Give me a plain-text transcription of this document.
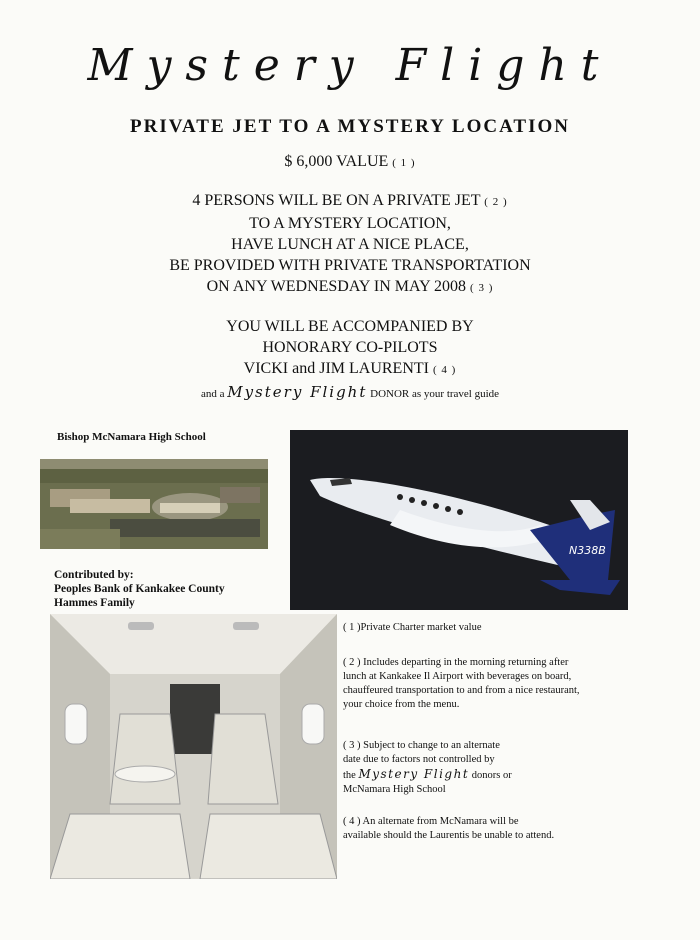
Mystery Flight
PRIVATE JET TO A MYSTERY LOCATION
$ 6,000 VALUE ( 1 )
4 PERSONS WILL BE ON A PRIVATE JET ( 2 )
TO A MYSTERY LOCATION,
HAVE LUNCH AT A NICE PLACE,
BE PROVIDED WITH PRIVATE TRANSPORTATION
ON ANY WEDNESDAY IN MAY 2008 ( 3 )
YOU WILL BE ACCOMPANIED BY
HONORARY CO-PILOTS
VICKI and JIM LAURENTI ( 4 )
and a Mystery Flight DONOR as your travel guide
Bishop McNamara High School
N338B
Contributed by:
Peoples Bank of Kankakee County
Hammes Family
( 1 )Private Charter market value
( 2 ) Includes departing in the morning returning after
lunch at Kankakee Il Airport with beverages on board,
chauffeured transportation to and from a nice restaurant,
your choice from the menu.
( 3 ) Subject to change to an alternate
date due to factors not controlled by
the Mystery Flight donors or
McNamara High School
( 4 ) An alternate from McNamara will be
available should the Laurentis be unable to attend.
